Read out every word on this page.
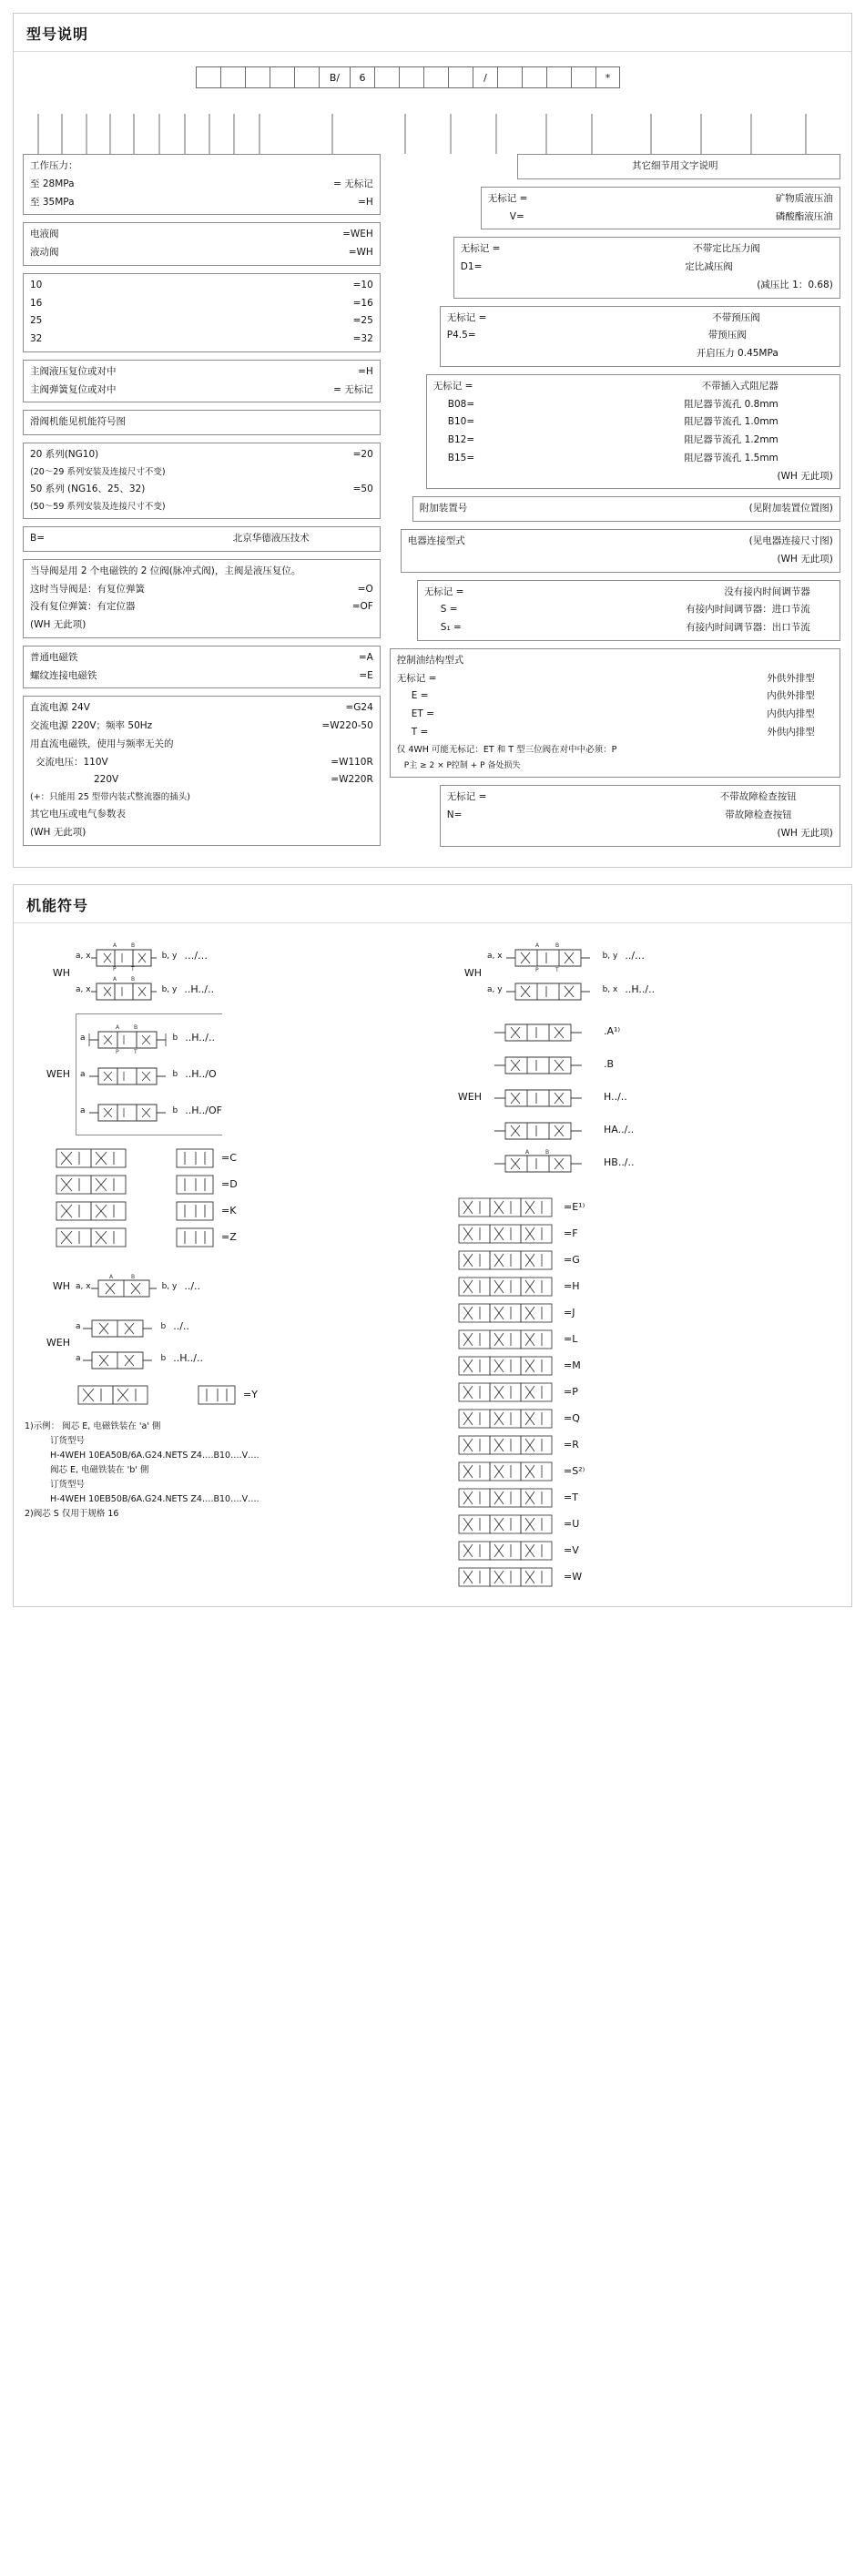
型号说明
B/	6	/	*
工作压力：
至 28MPa	= 无标记
至 35MPa	=H
电液阀	=WEH
液动阀	=WH
10	=10
16	=16
25	=25
32	=32
主阀液压复位或对中	=H
主阀弹簧复位或对中	= 无标记
滑阀机能见机能符号图
20 系列(NG10)	=20
(20～29 系列安装及连接尺寸不变)
50 系列 (NG16、25、32)	=50
(50～59 系列安装及连接尺寸不变)
B=	北京华德液压技术
当导阀是用 2 个电磁铁的 2 位阀(脉冲式阀)，主阀是液压复位。
这时当导阀是：有复位弹簧	=O
没有复位弹簧：有定位器	=OF
(WH 无此项)
普通电磁铁	=A
螺纹连接电磁铁	=E
直流电源 24V	=G24
交流电源 220V；频率 50Hz	=W220-50
用直流电磁铁，使用与频率无关的
交流电压：110V	=W110R
220V	=W220R
(+：只能用 25 型带内装式整流器的插头)
其它电压或电气参数表
(WH 无此项)
其它细节用文字说明
无标记 =	矿物质液压油
V=	磷酸酯液压油
无标记 =	不带定比压力阀
D1=	定比减压阀
(减压比 1：0.68)
无标记 =	不带预压阀
P4.5=	带预压阀
开启压力 0.45MPa
无标记 =	不带插入式阻尼器
B08=	阻尼器节流孔 0.8mm
B10=	阻尼器节流孔 1.0mm
B12=	阻尼器节流孔 1.2mm
B15=	阻尼器节流孔 1.5mm
(WH 无此项)
附加装置号	(见附加装置位置图)
电器连接型式	(见电器连接尺寸图)
(WH 无此项)
无标记 =	没有接内时间调节器
S =	有接内时间调节器：进口节流
S₁ =	有接内时间调节器：出口节流
控制油结构型式
无标记 =	外供外排型
E =	内供外排型
ET =	内供内排型
T =	外供内排型
仅 4WH 可能无标记：ET 和 T 型三位阀在对中中必须：P
P主 ≥ 2 × P控制 + P 备处损失
无标记 =	不带故障检查按钮
N=	带故障检查按钮
(WH 无此项)
机能符号
WH
a, x
A	B
P	T
b, y …/…
a, x
A	B
b, y ..H../..
WEH
a
A	B
P	T
b ..H../..
a	b ..H../O
a	b ..H../OF
=C
=D
=K
=Z
WH a, x
A	B
b, y ../..
WEH
a	b ../..
a	b ..H../..
=Y
1)示例： 阀芯 E, 电磁铁装在 'a' 側
订货型号
H-4WEH 10EA50B/6A.G24.NETS Z4….B10….V….
阀芯 E, 电磁铁装在 'b' 側
订货型号
H-4WEH 10EB50B/6A.G24.NETS Z4….B10….V….
2)阀芯 S 仅用于规格 16
WH
a, x
A	B
P	T
b, y ../…
a, y	b, x ..H../..
WEH
.A¹⁾
.B
H../..
HA../..
A	B
HB../..
=E¹⁾
=F
=G
=H
=J
=L
=M
=P
=Q
=R
=S²⁾
=T
=U
=V
=W
